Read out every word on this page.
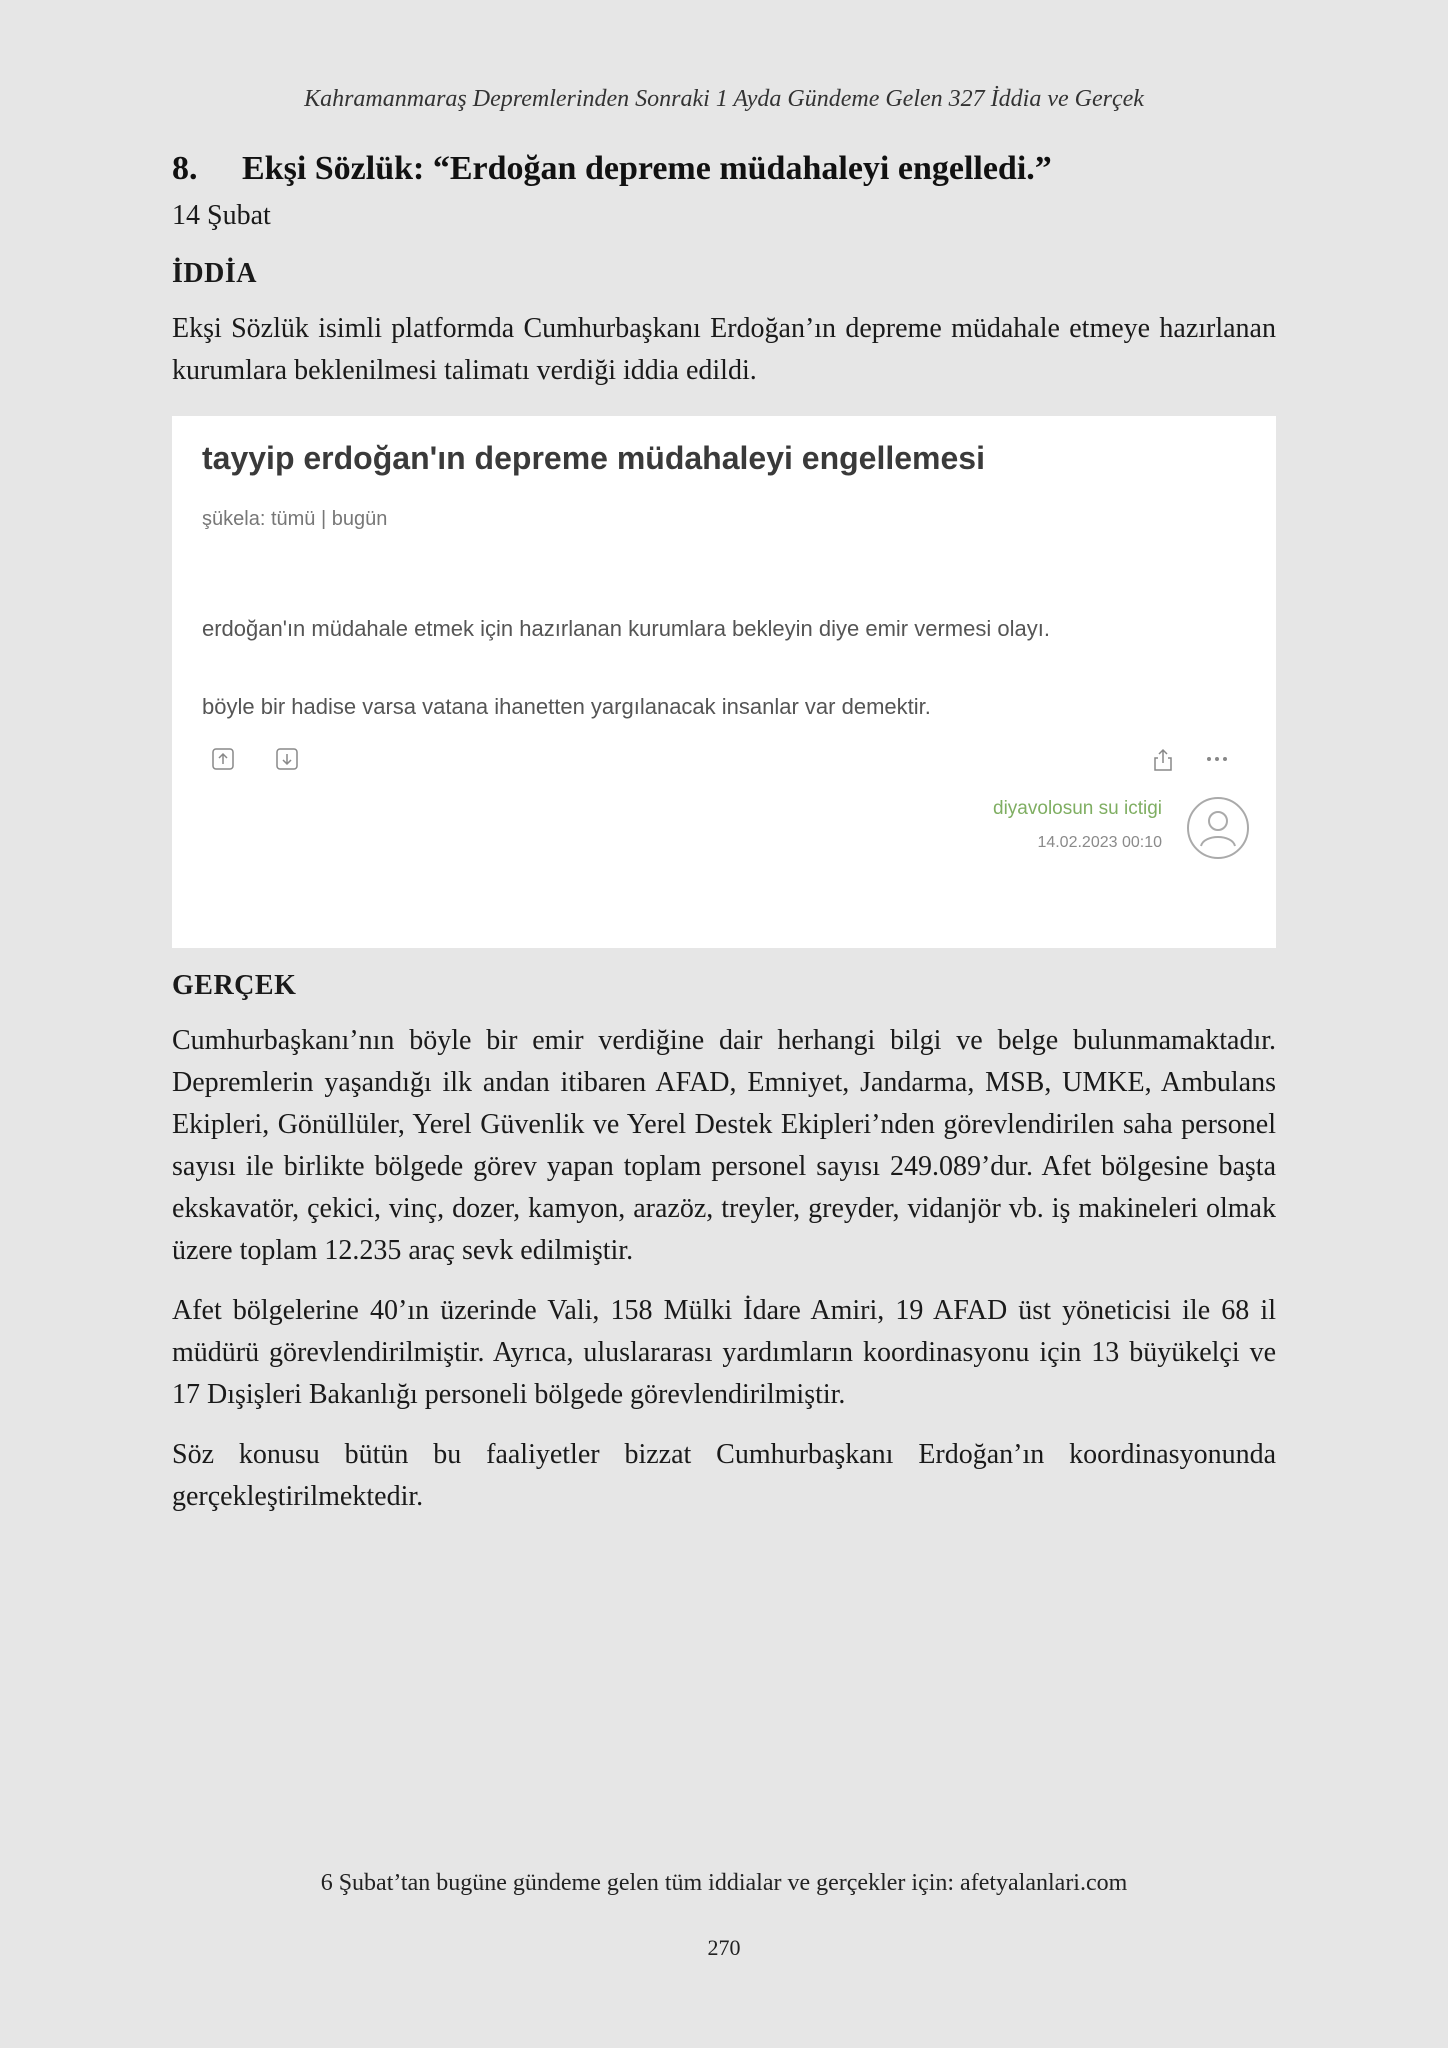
Kahramanmaraş Depremlerinden Sonraki 1 Ayda Gündeme Gelen 327 İddia ve Gerçek
8.	Ekşi Sözlük: “Erdoğan depreme müdahaleyi engelledi.”
14 Şubat
İDDİA

Ekşi Sözlük isimli platformda Cumhurbaşkanı Erdoğan’ın depreme müdahale etmeye hazırlanan kurumlara beklenilmesi talimatı verdiği iddia edildi.

tayyip erdoğan'ın depreme müdahaleyi engellemesi
şükela: tümü | bugün
erdoğan'ın müdahale etmek için hazırlanan kurumlara bekleyin diye emir vermesi olayı.
böyle bir hadise varsa vatana ihanetten yargılanacak insanlar var demektir.
diyavolosun su ictigi
14.02.2023 00:10
GERÇEK

Cumhurbaşkanı’nın böyle bir emir verdiğine dair herhangi bilgi ve belge bulunmamaktadır. Depremlerin yaşandığı ilk andan itibaren AFAD, Emniyet, Jandarma, MSB, UMKE, Ambulans Ekipleri, Gönüllüler, Yerel Güvenlik ve Yerel Destek Ekipleri’nden görevlendirilen saha personel sayısı ile birlikte bölgede görev yapan toplam personel sayısı 249.089’dur. Afet bölgesine başta ekskavatör, çekici, vinç, dozer, kamyon, arazöz, treyler, greyder, vidanjör vb. iş makineleri olmak üzere toplam 12.235 araç sevk edilmiştir.

Afet bölgelerine 40’ın üzerinde Vali, 158 Mülki İdare Amiri, 19 AFAD üst yöneticisi ile 68 il müdürü görevlendirilmiştir. Ayrıca, uluslararası yardımların koordinasyonu için 13 büyükelçi ve 17 Dışişleri Bakanlığı personeli bölgede görevlendirilmiştir.

Söz konusu bütün bu faaliyetler bizzat Cumhurbaşkanı Erdoğan’ın koordinasyonunda gerçekleştirilmektedir.

6 Şubat’tan bugüne gündeme gelen tüm iddialar ve gerçekler için: afetyalanlari.com
270
